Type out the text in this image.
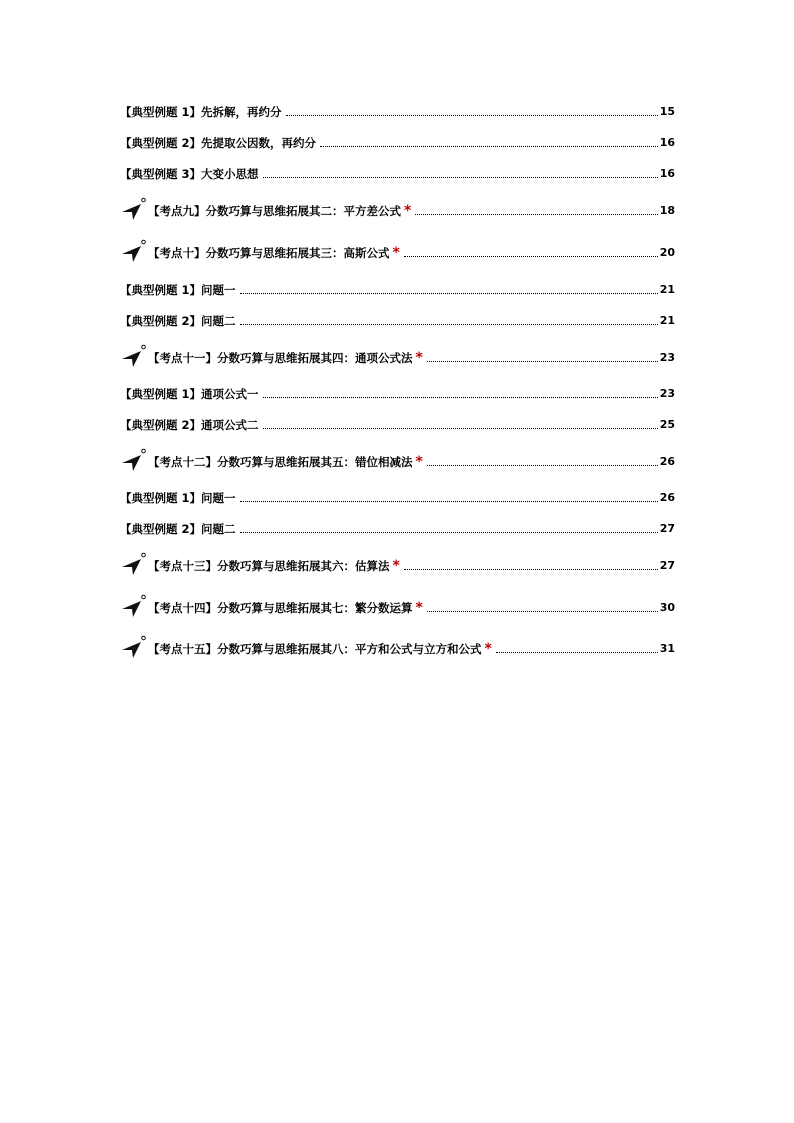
【典型例题 1】先拆解，再约分	15
【典型例题 2】先提取公因数，再约分	16
【典型例题 3】大变小思想	16
【考点九】分数巧算与思维拓展其二：平方差公式 *	18
【考点十】分数巧算与思维拓展其三：高斯公式 *	20
【典型例题 1】问题一	21
【典型例题 2】问题二	21
【考点十一】分数巧算与思维拓展其四：通项公式法 *	23
【典型例题 1】通项公式一	23
【典型例题 2】通项公式二	25
【考点十二】分数巧算与思维拓展其五：错位相减法 *	26
【典型例题 1】问题一	26
【典型例题 2】问题二	27
【考点十三】分数巧算与思维拓展其六：估算法 *	27
【考点十四】分数巧算与思维拓展其七：繁分数运算 *	30
【考点十五】分数巧算与思维拓展其八：平方和公式与立方和公式 *	31
